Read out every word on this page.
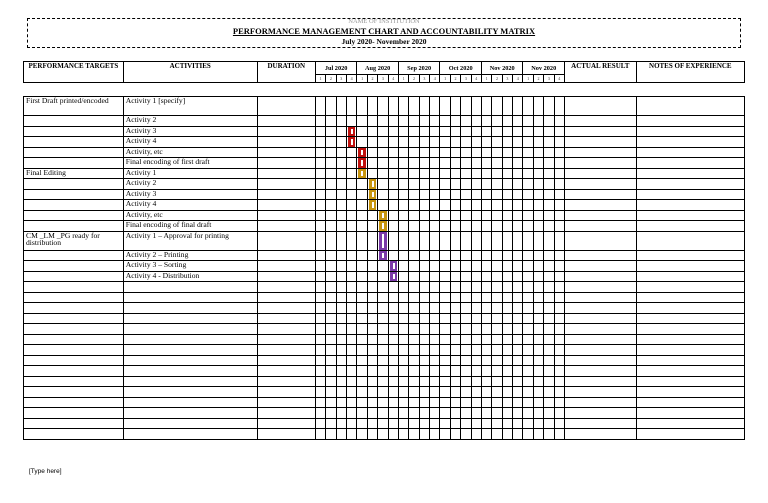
NAME OF INSTITUTION
PERFORMANCE MANAGEMENT CHART AND ACCOUNTABILITY MATRIX
July 2020- November 2020
PERFORMANCE TARGETS	ACTIVITIES	DURATION	Jul 2020				Aug 2020				Sep 2020				Oct 2020				Nov 2020				Nov 2020				ACTUAL RESULT	NOTES OF EXPERIENCE
			1	2	3	4	1	2	3	4	1	2	3	4	1	2	3	4	1	2	3	4	1	2	3	4		
First Draft printed/encoded	Activity 1 [specify]																											
	Activity 2																											
	Activity 3					

	Activity 4					

	Activity, etc						

	Final encoding of first draft						

Final Editing	Activity 1						

	Activity 2							

	Activity 3							

	Activity 4							

	Activity, etc								

	Final encoding of final draft								

CM _LM _PG ready for distribution	Activity 1 – Approval for printing								

	Activity 2 – Printing								

	Activity 3 – Sorting									

	Activity 4 - Distribution									

[Type here]
